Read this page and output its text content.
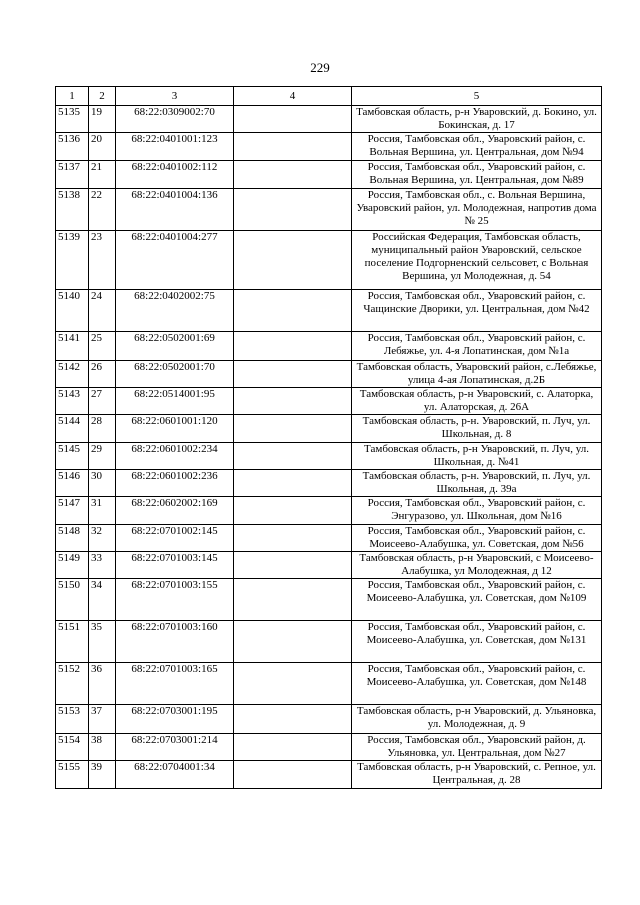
229
1	2	3	4	5
5135	19	68:22:0309002:70		Тамбовская область, р-н Уваровский, д. Бокино, ул. Бокинская, д. 17
5136	20	68:22:0401001:123		Россия, Тамбовская обл., Уваровский район, с. Вольная Вершина, ул. Центральная, дом №94
5137	21	68:22:0401002:112		Россия, Тамбовская обл., Уваровский район, с. Вольная Вершина, ул. Центральная, дом №89
5138	22	68:22:0401004:136		Россия, Тамбовская обл., с. Вольная Вершина, Уваровский район, ул. Молодежная, напротив дома № 25
5139	23	68:22:0401004:277		Российская Федерация, Тамбовская область, муниципальный район Уваровский, сельское поселение Подгорненский сельсовет, с Вольная Вершина, ул Молодежная, д. 54
5140	24	68:22:0402002:75		Россия, Тамбовская обл., Уваровский район, с. Чащинские Дворики, ул. Центральная, дом №42
5141	25	68:22:0502001:69		Россия, Тамбовская обл., Уваровский район, с. Лебяжье, ул. 4-я Лопатинская, дом №1а
5142	26	68:22:0502001:70		Тамбовская область, Уваровский район, с.Лебяжье, улица 4-ая Лопатинская, д.2Б
5143	27	68:22:0514001:95		Тамбовская область, р-н Уваровский, с. Алаторка, ул. Алаторская, д. 26А
5144	28	68:22:0601001:120		Тамбовская область, р-н. Уваровский, п. Луч, ул. Школьная, д. 8
5145	29	68:22:0601002:234		Тамбовская область, р-н Уваровский, п. Луч, ул. Школьная, д. №41
5146	30	68:22:0601002:236		Тамбовская область, р-н. Уваровский, п. Луч, ул. Школьная, д. 39а
5147	31	68:22:0602002:169		Россия, Тамбовская обл., Уваровский район, с. Энгуразово, ул. Школьная, дом №16
5148	32	68:22:0701002:145		Россия, Тамбовская обл., Уваровский район, с. Моисеево-Алабушка, ул. Советская, дом №56
5149	33	68:22:0701003:145		Тамбовская область, р-н Уваровский, с Моисеево-Алабушка, ул Молодежная, д 12
5150	34	68:22:0701003:155		Россия, Тамбовская обл., Уваровский район, с. Моисеево-Алабушка, ул. Советская, дом №109
5151	35	68:22:0701003:160		Россия, Тамбовская обл., Уваровский район, с. Моисеево-Алабушка, ул. Советская, дом №131
5152	36	68:22:0701003:165		Россия, Тамбовская обл., Уваровский район, с. Моисеево-Алабушка, ул. Советская, дом №148
5153	37	68:22:0703001:195		Тамбовская область, р-н Уваровский, д. Ульяновка, ул. Молодежная, д. 9
5154	38	68:22:0703001:214		Россия, Тамбовская обл., Уваровский район, д. Ульяновка, ул. Центральная, дом №27
5155	39	68:22:0704001:34		Тамбовская область, р-н Уваровский, с. Репное, ул. Центральная, д. 28
